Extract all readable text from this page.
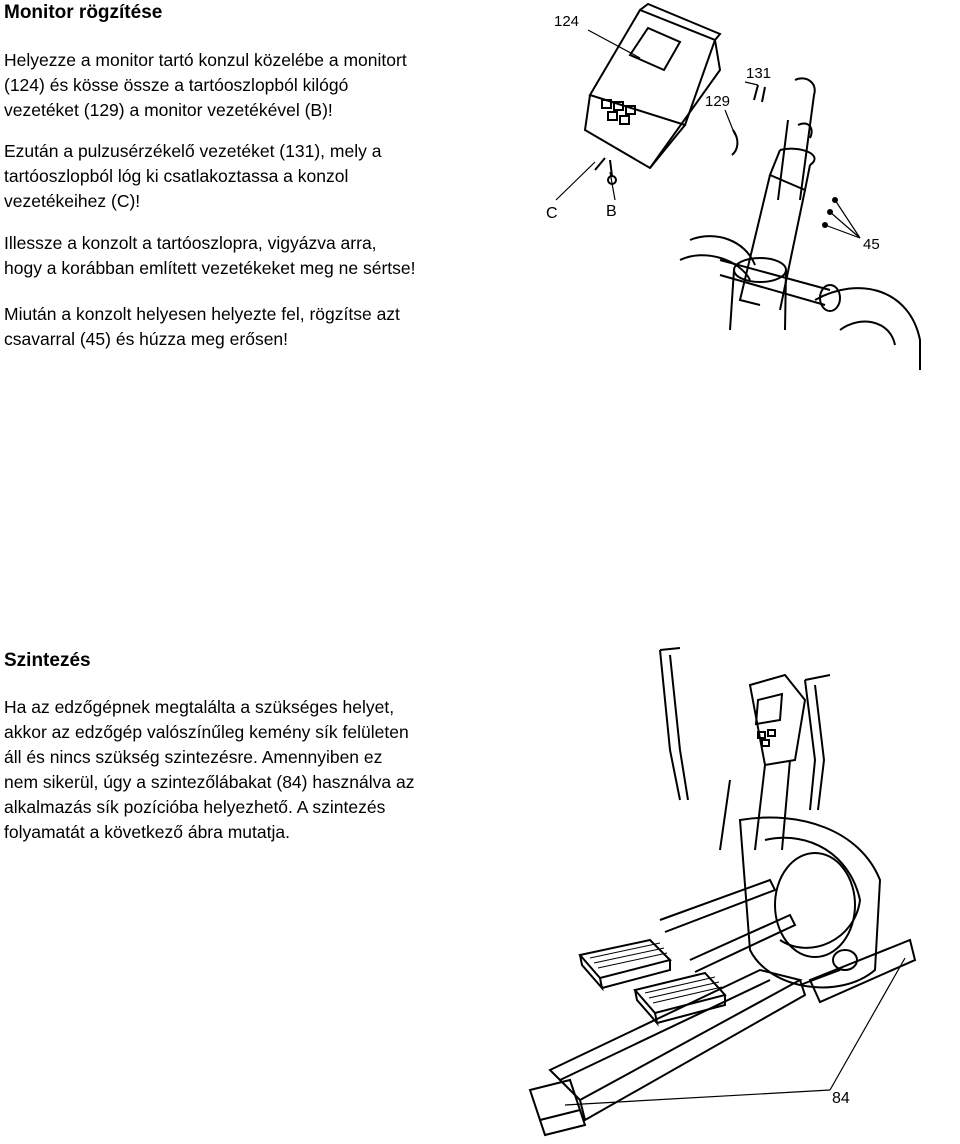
Monitor rögzítése

Helyezze a monitor tartó konzul közelébe a monitort
(124) és kösse össze a tartóoszlopból kilógó
vezetéket (129) a monitor vezetékével (B)!

Ezután a pulzusérzékelő vezetéket (131), mely a
tartóoszlopból lóg ki csatlakoztassa a konzol
vezetékeihez (C)!

Illessze a konzolt a tartóoszlopra, vigyázva arra,
hogy a korábban említett vezetékeket meg ne sértse!

Miután a konzolt helyesen helyezte fel, rögzítse azt
csavarral (45) és húzza meg erősen!

124
131
129
C	B
45
Szintezés

Ha az edzőgépnek megtalálta a szükséges helyet,
akkor az edzőgép valószínűleg kemény sík felületen
áll és nincs szükség szintezésre. Amennyiben ez
nem sikerül, úgy a szintezőlábakat (84) használva az
alkalmazás sík pozícióba helyezhető. A szintezés
folyamatát a következő ábra mutatja.

84
